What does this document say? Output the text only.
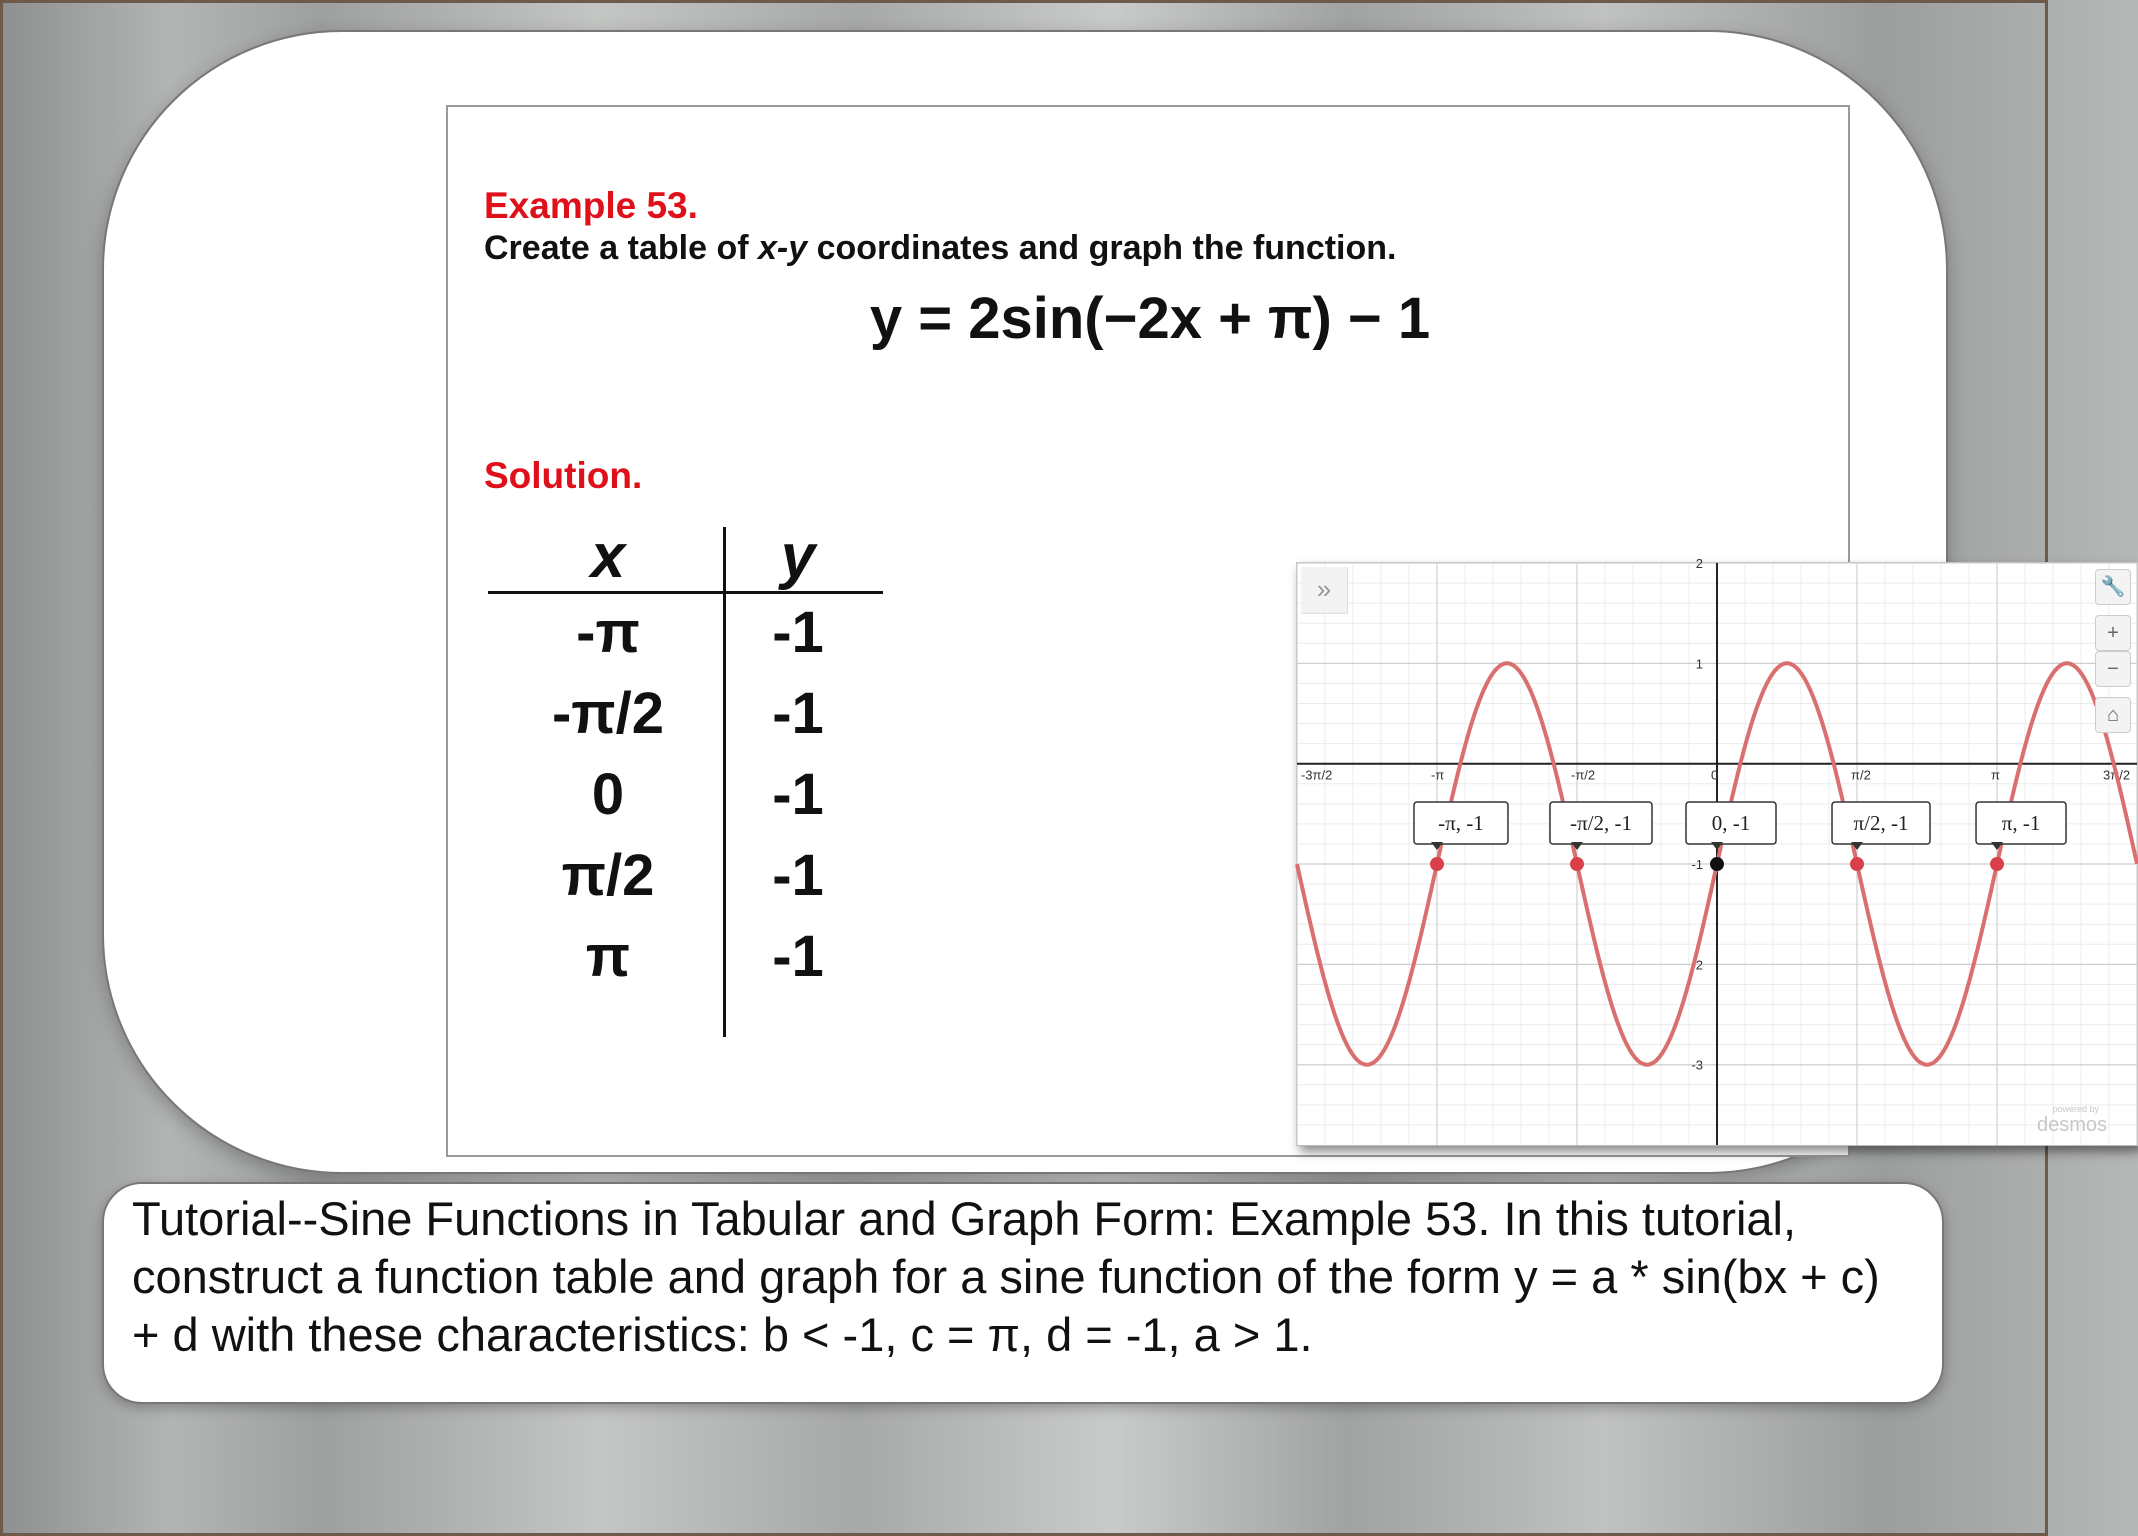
Example 53.
Create a table of x-y coordinates and graph the function.
y = 2sin(−2x + π) − 1
Solution.
x	y
-π	-1
-π/2	-1
0	-1
π/2	-1
π	-1
-3π/2	-π	-π/2	0	π/2	π	3π/2
2
1
-1
-2
-3
-π, -1	-π/2, -1	0, -1	π/2, -1	π, -1
»	🔧
+
−
⌂
powered by
desmos
Tutorial--Sine Functions in Tabular and Graph Form: Example 53. In this tutorial, construct a function table and graph for a sine function of the form y = a * sin(bx + c) + d with these characteristics: b < -1, c = π, d = -1, a > 1.
